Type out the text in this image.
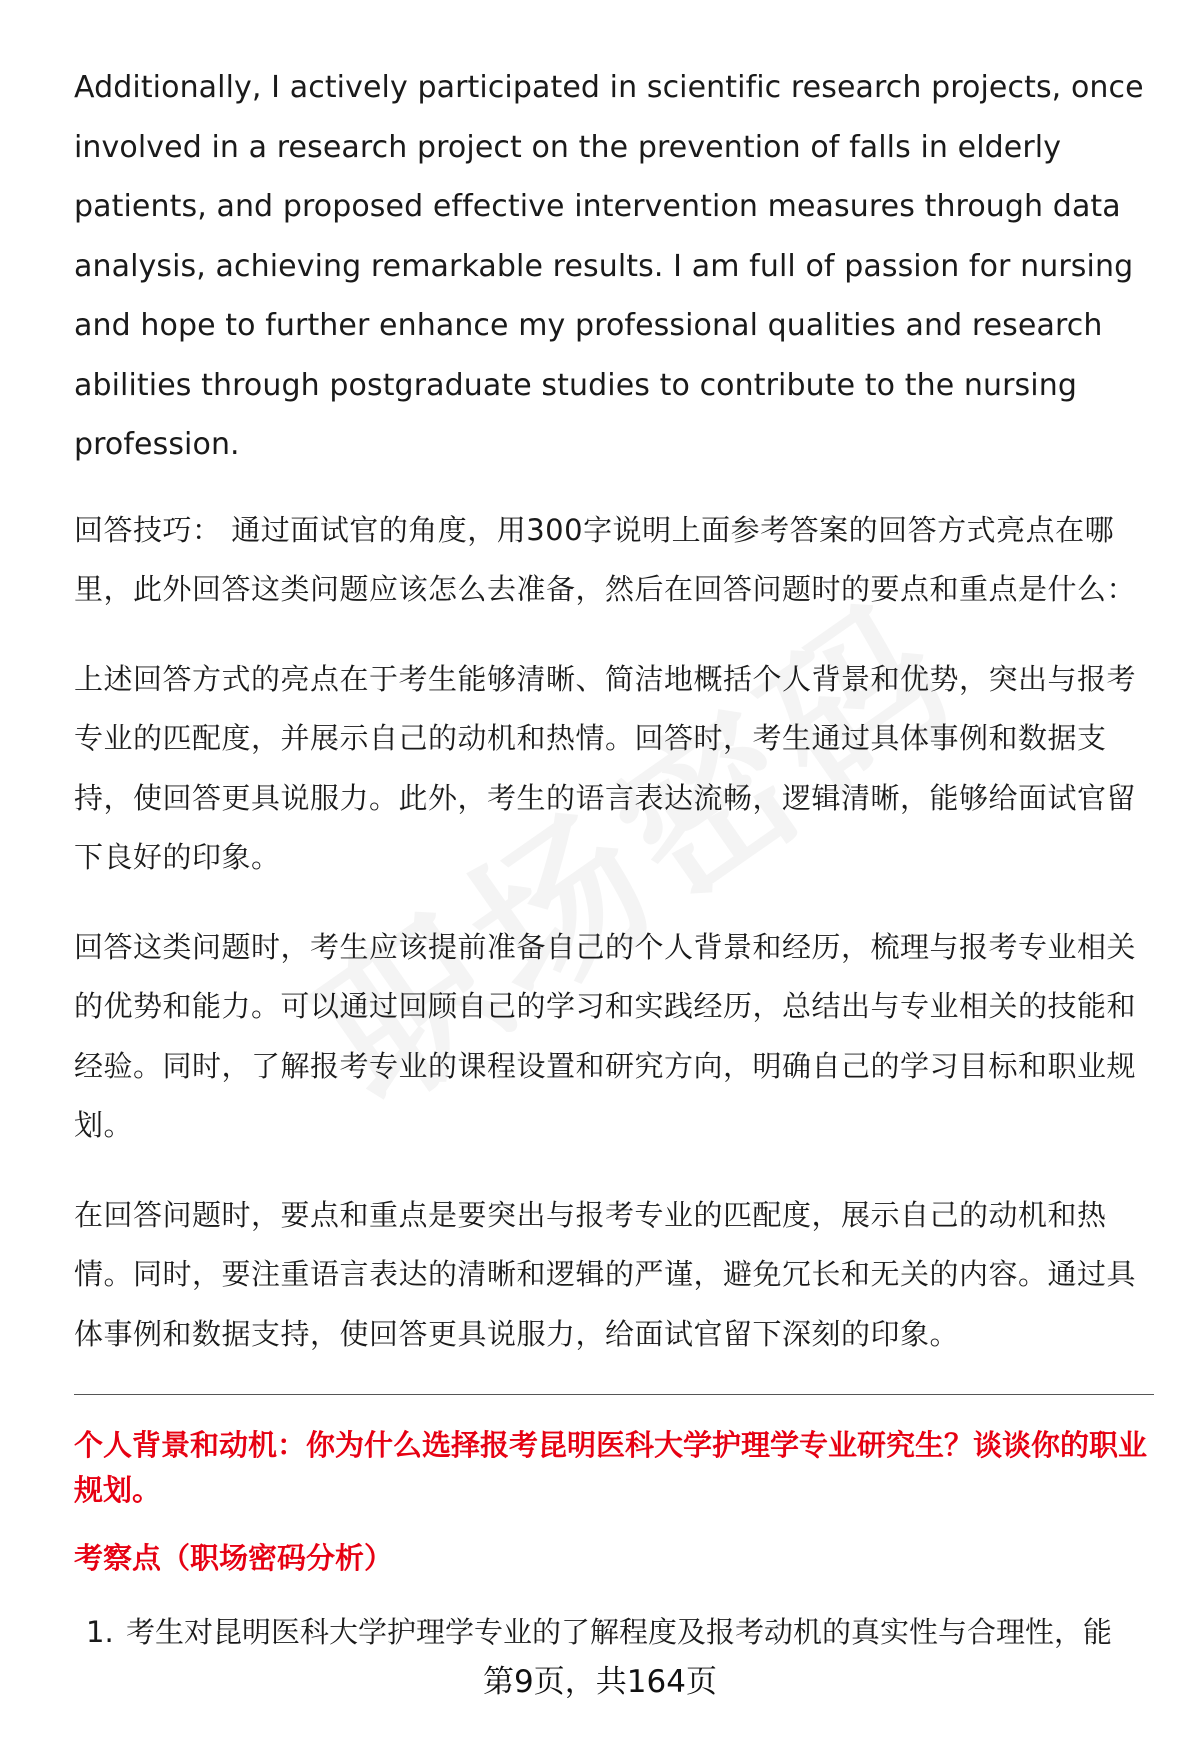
Additionally, I actively participated in scientific research projects, once involved in a research project on the prevention of falls in elderly patients, and proposed effective intervention measures through data analysis, achieving remarkable results. I am full of passion for nursing and hope to further enhance my professional qualities and research abilities through postgraduate studies to contribute to the nursing profession.

回答技巧： 通过面试官的角度，用300字说明上面参考答案的回答方式亮点在哪里，此外回答这类问题应该怎么去准备，然后在回答问题时的要点和重点是什么：

上述回答方式的亮点在于考生能够清晰、简洁地概括个人背景和优势，突出与报考专业的匹配度，并展示自己的动机和热情。回答时，考生通过具体事例和数据支持，使回答更具说服力。此外，考生的语言表达流畅，逻辑清晰，能够给面试官留下良好的印象。

回答这类问题时，考生应该提前准备自己的个人背景和经历，梳理与报考专业相关的优势和能力。可以通过回顾自己的学习和实践经历，总结出与专业相关的技能和经验。同时，了解报考专业的课程设置和研究方向，明确自己的学习目标和职业规划。

在回答问题时，要点和重点是要突出与报考专业的匹配度，展示自己的动机和热情。同时，要注重语言表达的清晰和逻辑的严谨，避免冗长和无关的内容。通过具体事例和数据支持，使回答更具说服力，给面试官留下深刻的印象。

个人背景和动机：你为什么选择报考昆明医科大学护理学专业研究生？谈谈你的职业规划。

考察点（职场密码分析）

1. 考生对昆明医科大学护理学专业的了解程度及报考动机的真实性与合理性，能
第9页，共164页
